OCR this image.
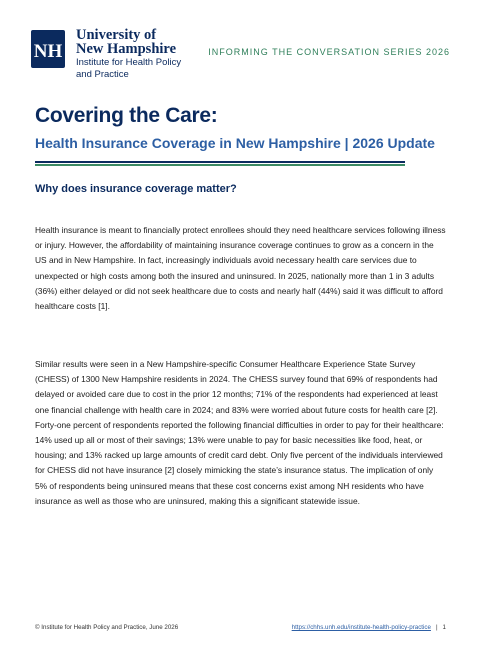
NH
University of
New Hampshire
Institute for Health Policy
and Practice
INFORMING THE CONVERSATION SERIES 2026
Covering the Care:
Health Insurance Coverage in New Hampshire | 2026 Update
Why does insurance coverage matter?

Health insurance is meant to financially protect enrollees should they need healthcare services following illness or injury. However, the affordability of maintaining insurance coverage continues to grow as a concern in the US and in New Hampshire. In fact, increasingly individuals avoid necessary health care services due to unexpected or high costs among both the insured and uninsured. In 2025, nationally more than 1 in 3 adults (36%) either delayed or did not seek healthcare due to costs and nearly half (44%) said it was difficult to afford healthcare costs [1].

Similar results were seen in a New Hampshire-specific Consumer Healthcare Experience State Survey (CHESS) of 1300 New Hampshire residents in 2024. The CHESS survey found that 69% of respondents had delayed or avoided care due to cost in the prior 12 months; 71% of the respondents had experienced at least one financial challenge with health care in 2024; and 83% were worried about future costs for health care [2]. Forty-one percent of respondents reported the following financial difficulties in order to pay for their healthcare: 14% used up all or most of their savings; 13% were unable to pay for basic necessities like food, heat, or housing; and 13% racked up large amounts of credit card debt. Only five percent of the individuals interviewed for CHESS did not have insurance [2] closely mimicking the state’s insurance status. The implication of only 5% of respondents being uninsured means that these cost concerns exist among NH residents who have insurance as well as those who are uninsured, making this a significant statewide issue.

© Institute for Health Policy and Practice, June 2026	https://chhs.unh.edu/institute-health-policy-practice | 1
